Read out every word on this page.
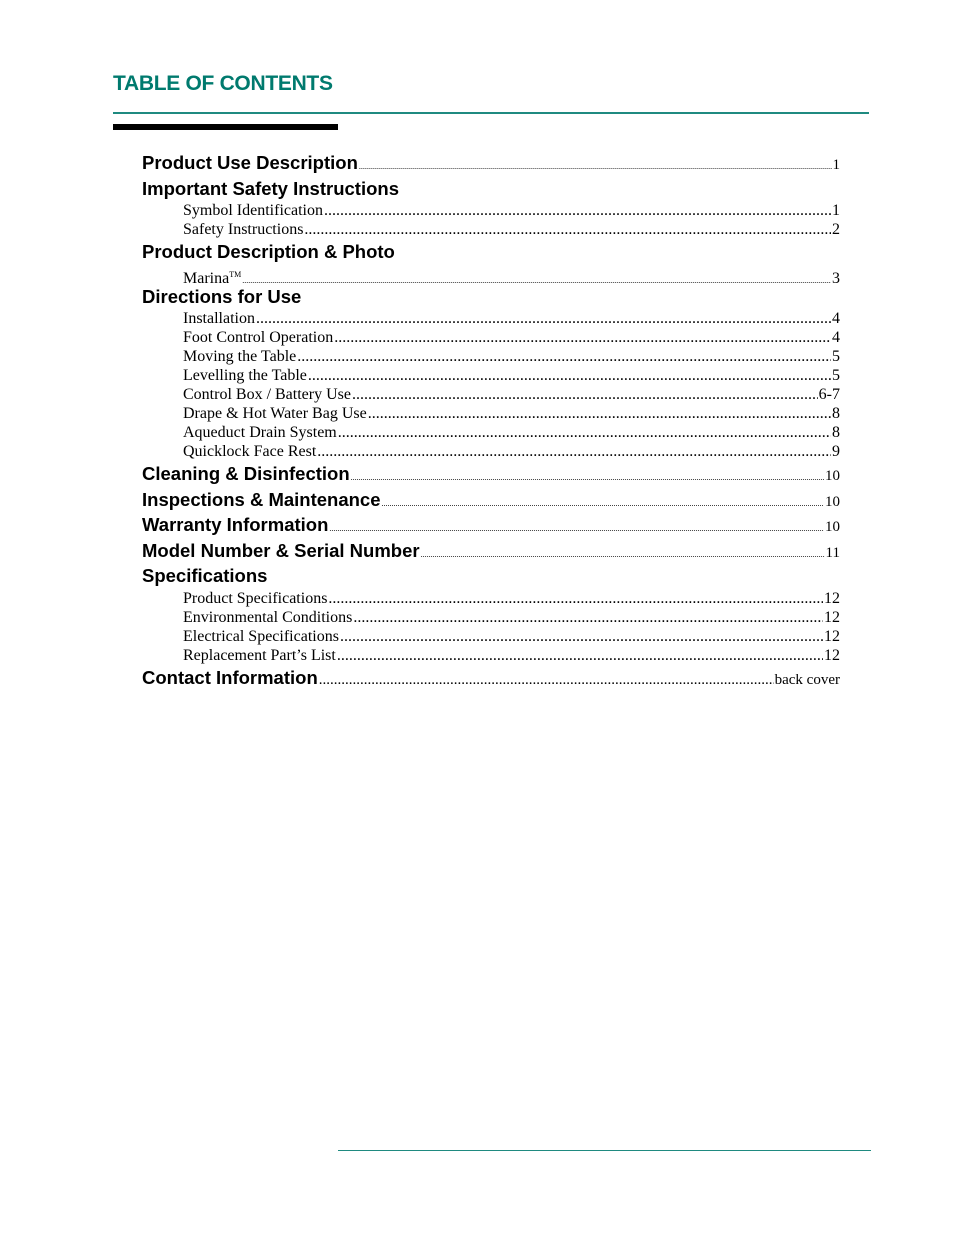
TABLE OF CONTENTS
Product Use Description .....	1
Important Safety Instructions
Symbol Identification .....	1
Safety Instructions .....	2
Product Description & Photo
Marina™ .....	3
Directions for Use
Installation .....	4
Foot Control Operation .....	4
Moving the Table .....	5
Levelling the Table .....	5
Control Box / Battery Use .....	6-7
Drape & Hot Water Bag Use .....	8
Aqueduct Drain System .....	8
Quicklock Face Rest .....	9
Cleaning & Disinfection .....	10
Inspections & Maintenance .....	10
Warranty Information .....	10
Model Number & Serial Number .....	11
Specifications
Product Specifications .....	12
Environmental Conditions .....	12
Electrical Specifications .....	12
Replacement Part’s List .....	12
Contact Information .....	back cover
